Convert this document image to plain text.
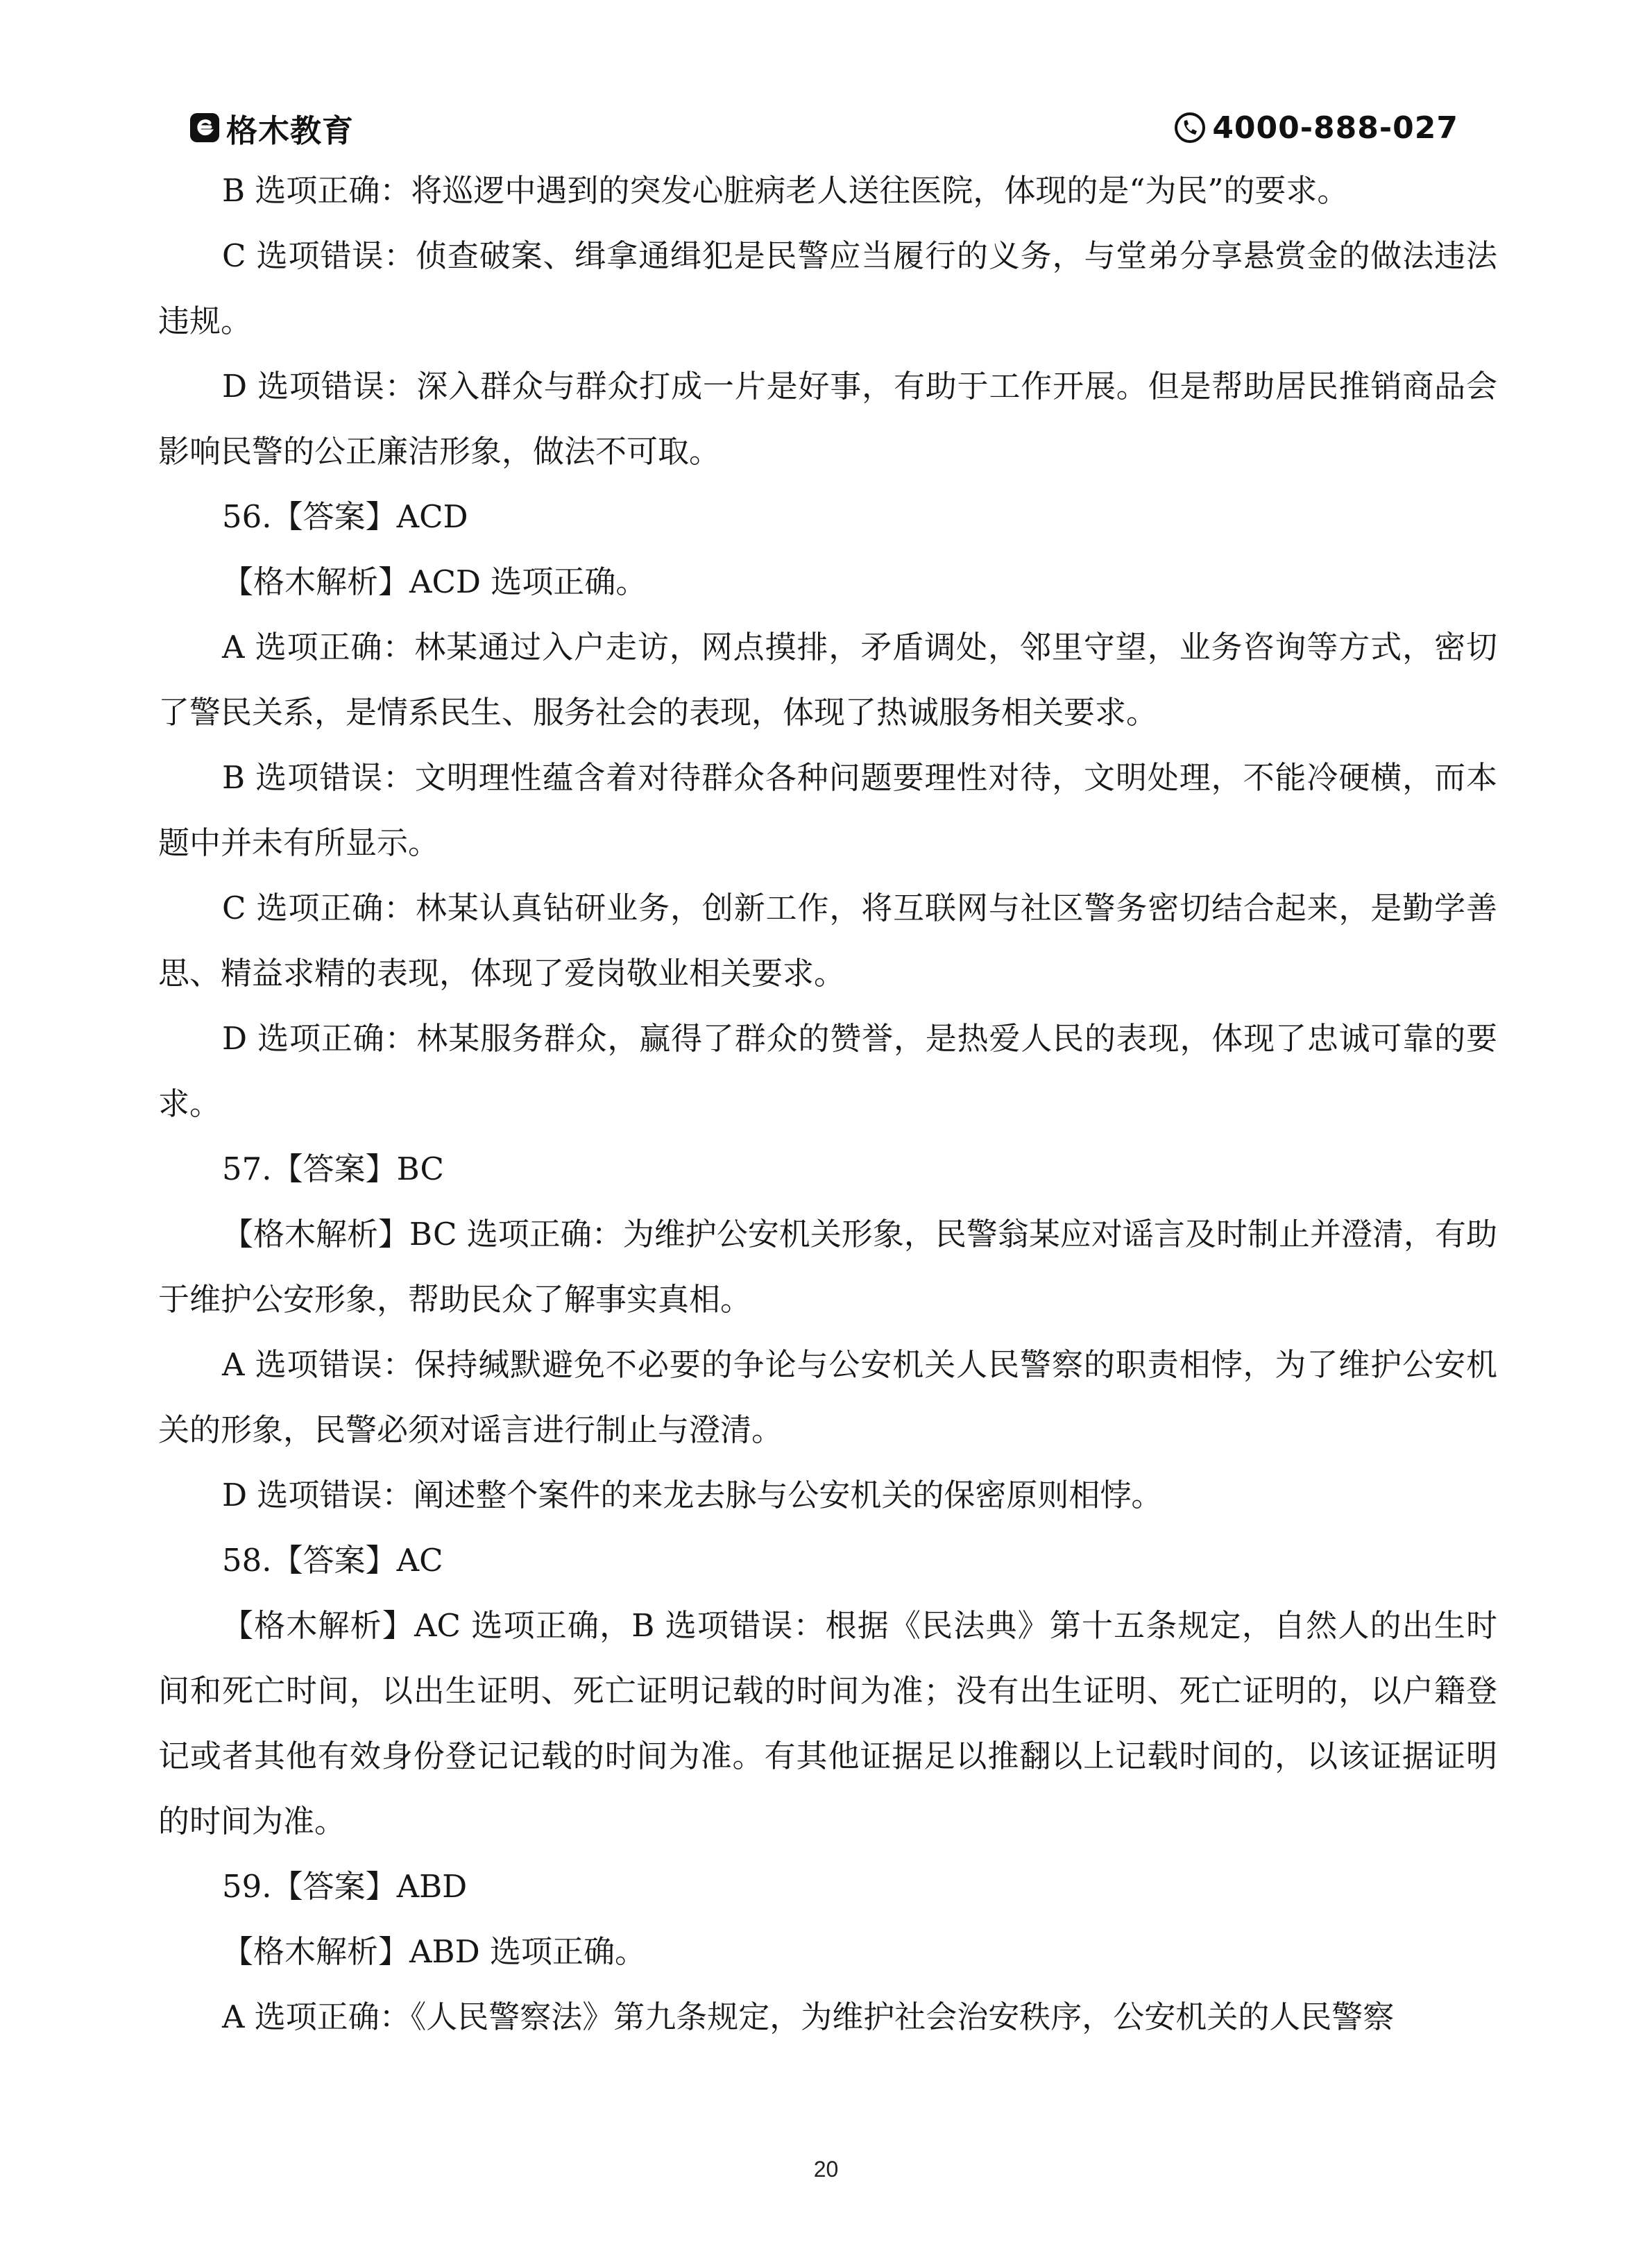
格木教育	4000-888-027

B 选项正确：将巡逻中遇到的突发心脏病老人送往医院，体现的是“为民”的要求。

C 选项错误：侦查破案、缉拿通缉犯是民警应当履行的义务，与堂弟分享悬赏金的做法违法违规。

D 选项错误：深入群众与群众打成一片是好事，有助于工作开展。但是帮助居民推销商品会影响民警的公正廉洁形象，做法不可取。

56.【答案】ACD

【格木解析】ACD 选项正确。

A 选项正确：林某通过入户走访，网点摸排，矛盾调处，邻里守望，业务咨询等方式，密切了警民关系，是情系民生、服务社会的表现，体现了热诚服务相关要求。

B 选项错误：文明理性蕴含着对待群众各种问题要理性对待，文明处理，不能冷硬横，而本题中并未有所显示。

C 选项正确：林某认真钻研业务，创新工作，将互联网与社区警务密切结合起来，是勤学善思、精益求精的表现，体现了爱岗敬业相关要求。

D 选项正确：林某服务群众，赢得了群众的赞誉，是热爱人民的表现，体现了忠诚可靠的要求。

57.【答案】BC

【格木解析】BC 选项正确：为维护公安机关形象，民警翁某应对谣言及时制止并澄清，有助于维护公安形象，帮助民众了解事实真相。

A 选项错误：保持缄默避免不必要的争论与公安机关人民警察的职责相悖，为了维护公安机关的形象，民警必须对谣言进行制止与澄清。

D 选项错误：阐述整个案件的来龙去脉与公安机关的保密原则相悖。

58.【答案】AC

【格木解析】AC 选项正确，B 选项错误：根据《民法典》第十五条规定，自然人的出生时间和死亡时间，以出生证明、死亡证明记载的时间为准；没有出生证明、死亡证明的，以户籍登记或者其他有效身份登记记载的时间为准。有其他证据足以推翻以上记载时间的，以该证据证明的时间为准。

59.【答案】ABD

【格木解析】ABD 选项正确。

A 选项正确：《人民警察法》第九条规定，为维护社会治安秩序，公安机关的人民警察

20
